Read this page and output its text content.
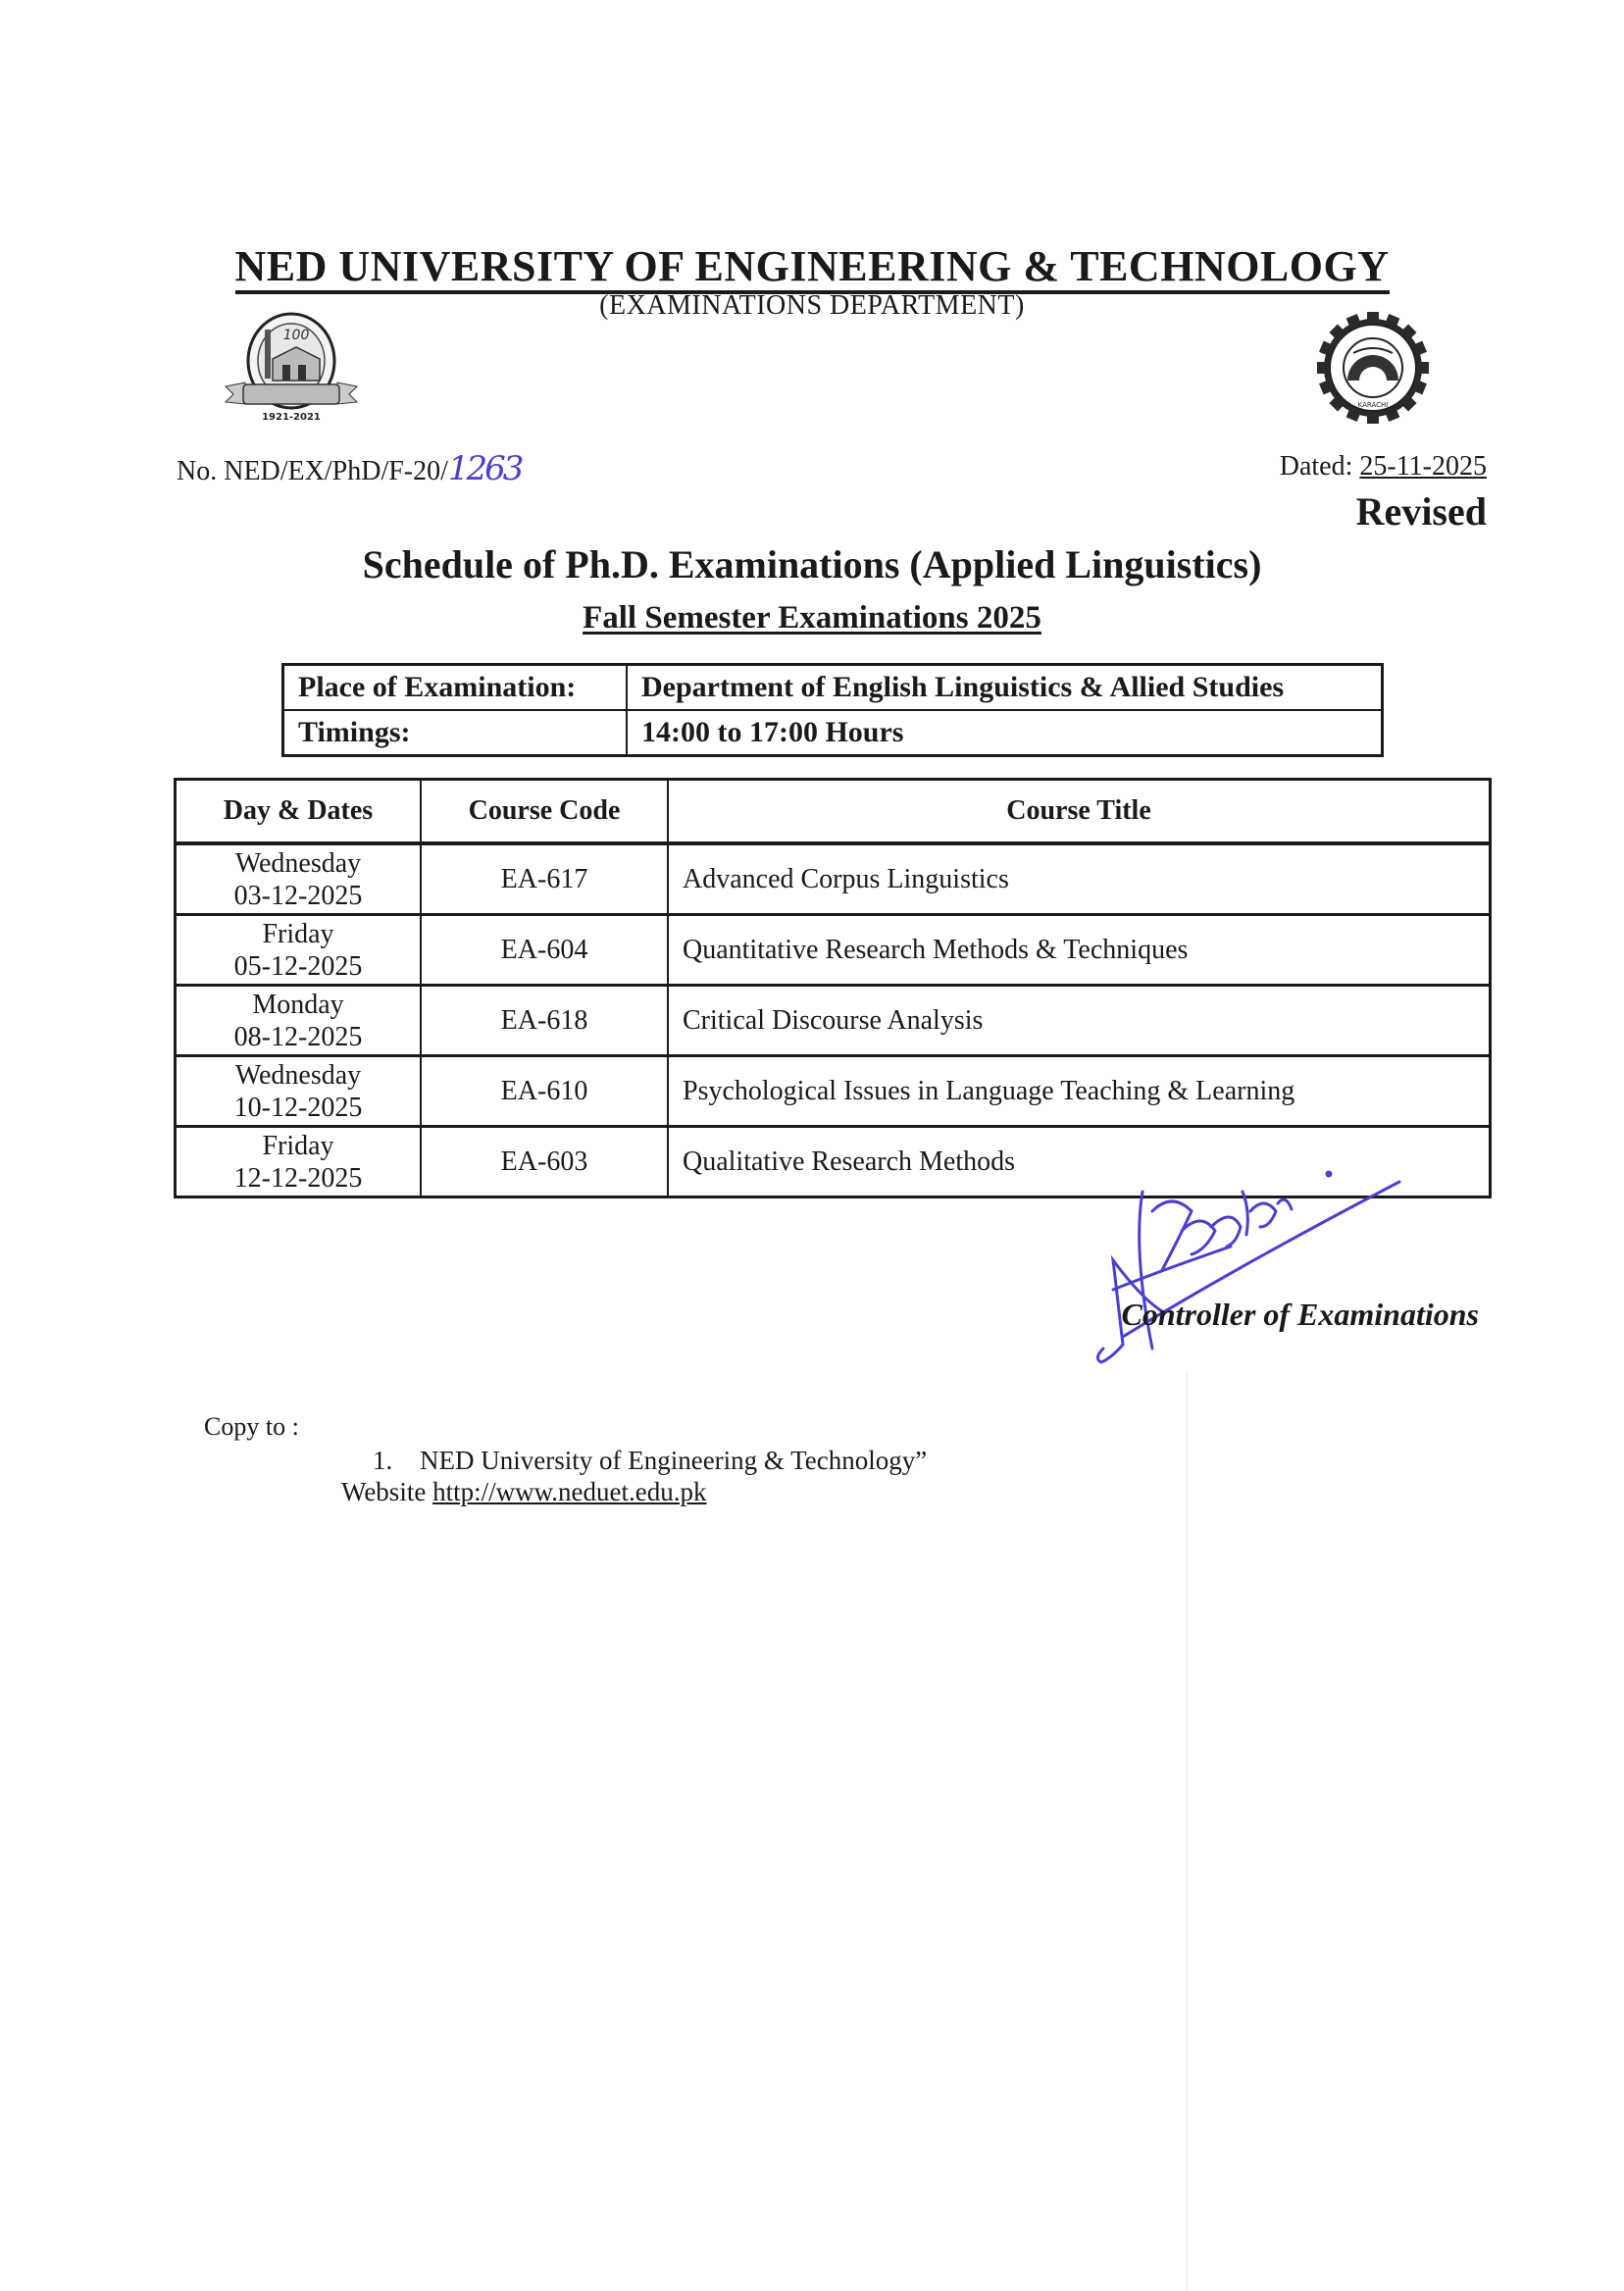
NED UNIVERSITY OF ENGINEERING & TECHNOLOGY
(EXAMINATIONS DEPARTMENT)
100
1921-2021
KARACHI
No. NED/EX/PhD/F-20/1263	Dated: 25-11-2025
Revised
Schedule of Ph.D. Examinations (Applied Linguistics)
Fall Semester Examinations 2025
Place of Examination:	Department of English Linguistics & Allied Studies
Timings:	14:00 to 17:00 Hours
Day & Dates	Course Code	Course Title

Wednesday
03-12-2025	EA-617	Advanced Corpus Linguistics

Friday
05-12-2025	EA-604	Quantitative Research Methods & Techniques

Monday
08-12-2025	EA-618	Critical Discourse Analysis

Wednesday
10-12-2025	EA-610	Psychological Issues in Language Teaching & Learning

Friday
12-12-2025	EA-603	Qualitative Research Methods
Controller of Examinations
Copy to :
1. NED University of Engineering & Technology”
Website http://www.neduet.edu.pk
